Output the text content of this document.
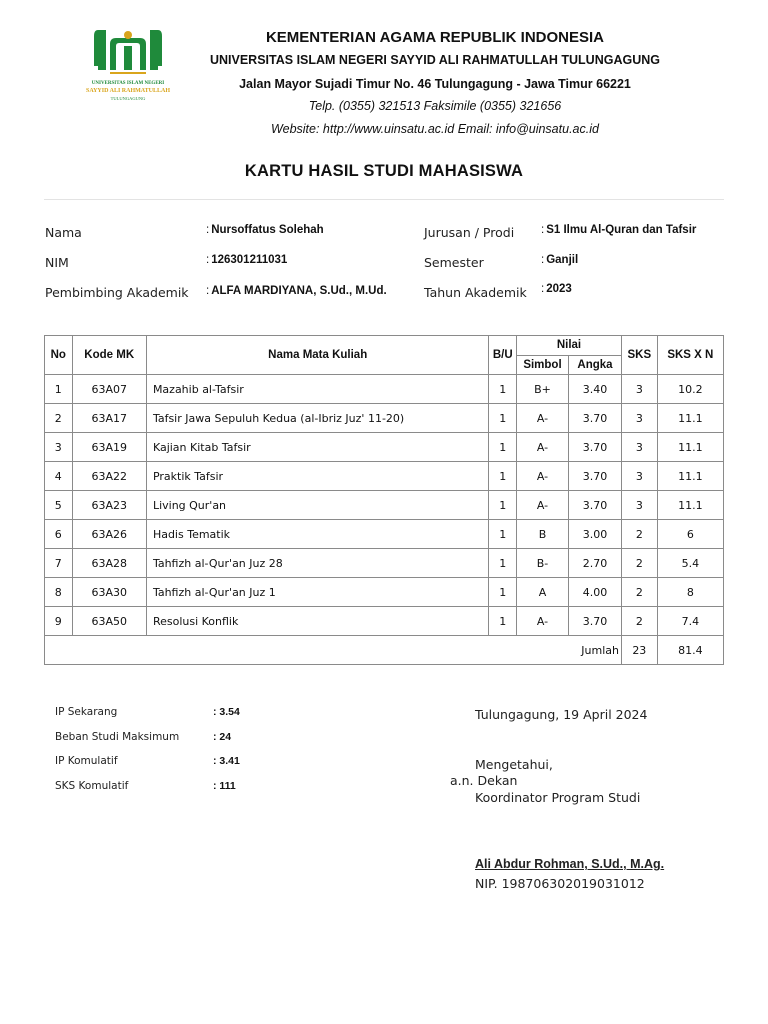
UNIVERSITAS ISLAM NEGERI
SAYYID ALI RAHMATULLAH
TULUNGAGUNG
KEMENTERIAN AGAMA REPUBLIK INDONESIA
UNIVERSITAS ISLAM NEGERI SAYYID ALI RAHMATULLAH TULUNGAGUNG
Jalan Mayor Sujadi Timur No. 46 Tulungagung - Jawa Timur 66221
Telp. (0355) 321513 Faksimile (0355) 321656
Website: http://www.uinsatu.ac.id Email: info@uinsatu.ac.id
KARTU HASIL STUDI MAHASISWA
Nama	: Nursoffatus Solehah
NIM	: 126301211031
Pembimbing Akademik : ALFA MARDIYANA, S.Ud., M.Ud.
Jurusan / Prodi : S1 Ilmu Al-Quran dan Tafsir
Semester	: Ganjil
Tahun Akademik : 2023
No	Kode MK	Nama Mata Kuliah	B/U	Nilai		SKS	SKS X N
				Simbol	Angka		
1	63A07	Mazahib al-Tafsir	1	B+	3.40	3	10.2
2	63A17	Tafsir Jawa Sepuluh Kedua (al-Ibriz Juz' 11-20)	1	A-	3.70	3	11.1
3	63A19	Kajian Kitab Tafsir	1	A-	3.70	3	11.1
4	63A22	Praktik Tafsir	1	A-	3.70	3	11.1
5	63A23	Living Qur'an	1	A-	3.70	3	11.1
6	63A26	Hadis Tematik	1	B	3.00	2	6
7	63A28	Tahfizh al-Qur'an Juz 28	1	B-	2.70	2	5.4
8	63A30	Tahfizh al-Qur'an Juz 1	1	A	4.00	2	8
9	63A50	Resolusi Konflik	1	A-	3.70	2	7.4
Jumlah						23	81.4
IP Sekarang	: 3.54
Beban Studi Maksimum	: 24
IP Komulatif	: 3.41
SKS Komulatif	: 111
Tulungagung, 19 April 2024
Mengetahui,
a.n. Dekan
Koordinator Program Studi
Ali Abdur Rohman, S.Ud., M.Ag.
NIP. 198706302019031012
